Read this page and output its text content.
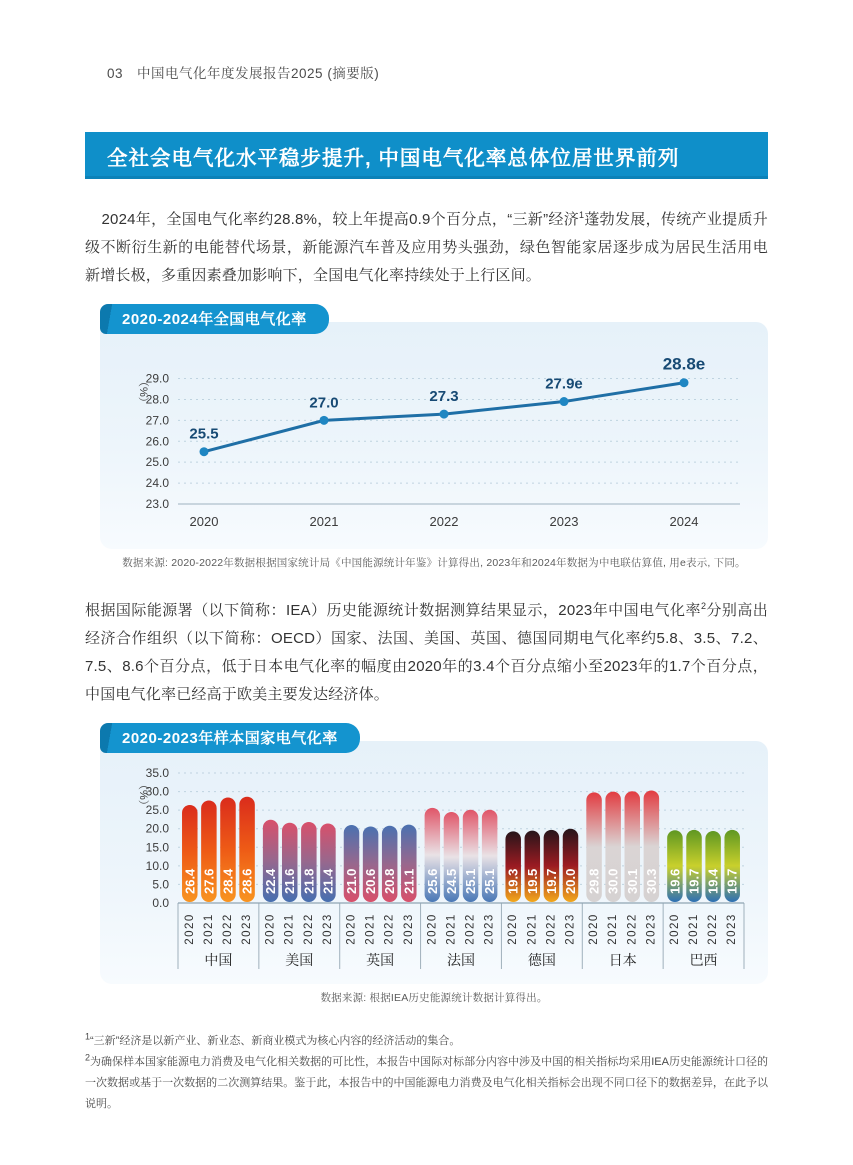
03 中国电气化年度发展报告2025 (摘要版)
全社会电气化水平稳步提升, 中国电气化率总体位居世界前列

2024年，全国电气化率约28.8%，较上年提高0.9个百分点，“三新”经济$^1$蓬勃发展，传统产业提质升级不断衍生新的电能替代场景，新能源汽车普及应用势头强劲，绿色智能家居逐步成为居民生活用电新增长极，多重因素叠加影响下，全国电气化率持续处于上行区间。

2020-2024年全国电气化率
23.0
24.0
25.0
26.0
27.0
28.0
29.0
（%）
25.5
2020
27.0
2021
27.3
2022
27.9e
2023
28.8e
2024
数据来源: 2020-2022年数据根据国家统计局《中国能源统计年鉴》计算得出, 2023年和2024年数据为中电联估算值, 用e表示, 下同。

根据国际能源署（以下简称：IEA）历史能源统计数据测算结果显示，2023年中国电气化率$^2$分别高出经济合作组织（以下简称：OECD）国家、法国、美国、英国、德国同期电气化率约5.8、3.5、7.2、7.5、8.6个百分点，低于日本电气化率的幅度由2020年的3.4个百分点缩小至2023年的1.7个百分点，中国电气化率已经高于欧美主要发达经济体。

2020-2023年样本国家电气化率
0.0
5.0
10.0
15.0
20.0
25.0
30.0
35.0
（%）
26.4
2020
27.6
2021
28.4
2022
28.6
2023
中国
22.4
2020
21.6
2021
21.8
2022
21.4
2023
美国
21.0
2020
20.6
2021
20.8
2022
21.1
2023
英国
25.6
2020
24.5
2021
25.1
2022
25.1
2023
法国
19.3
2020
19.5
2021
19.7
2022
20.0
2023
德国
29.8
2020
30.0
2021
30.1
2022
30.3
2023
日本
19.6
2020
19.7
2021
19.4
2022
19.7
2023
巴西
数据来源: 根据IEA历史能源统计数据计算得出。

$^1$“三新”经济是以新产业、新业态、新商业模式为核心内容的经济活动的集合。

$^2$为确保样本国家能源电力消费及电气化相关数据的可比性，本报告中国际对标部分内容中涉及中国的相关指标均采用IEA历史能源统计口径的一次数据或基于一次数据的二次测算结果。鉴于此，本报告中的中国能源电力消费及电气化相关指标会出现不同口径下的数据差异，在此予以说明。
